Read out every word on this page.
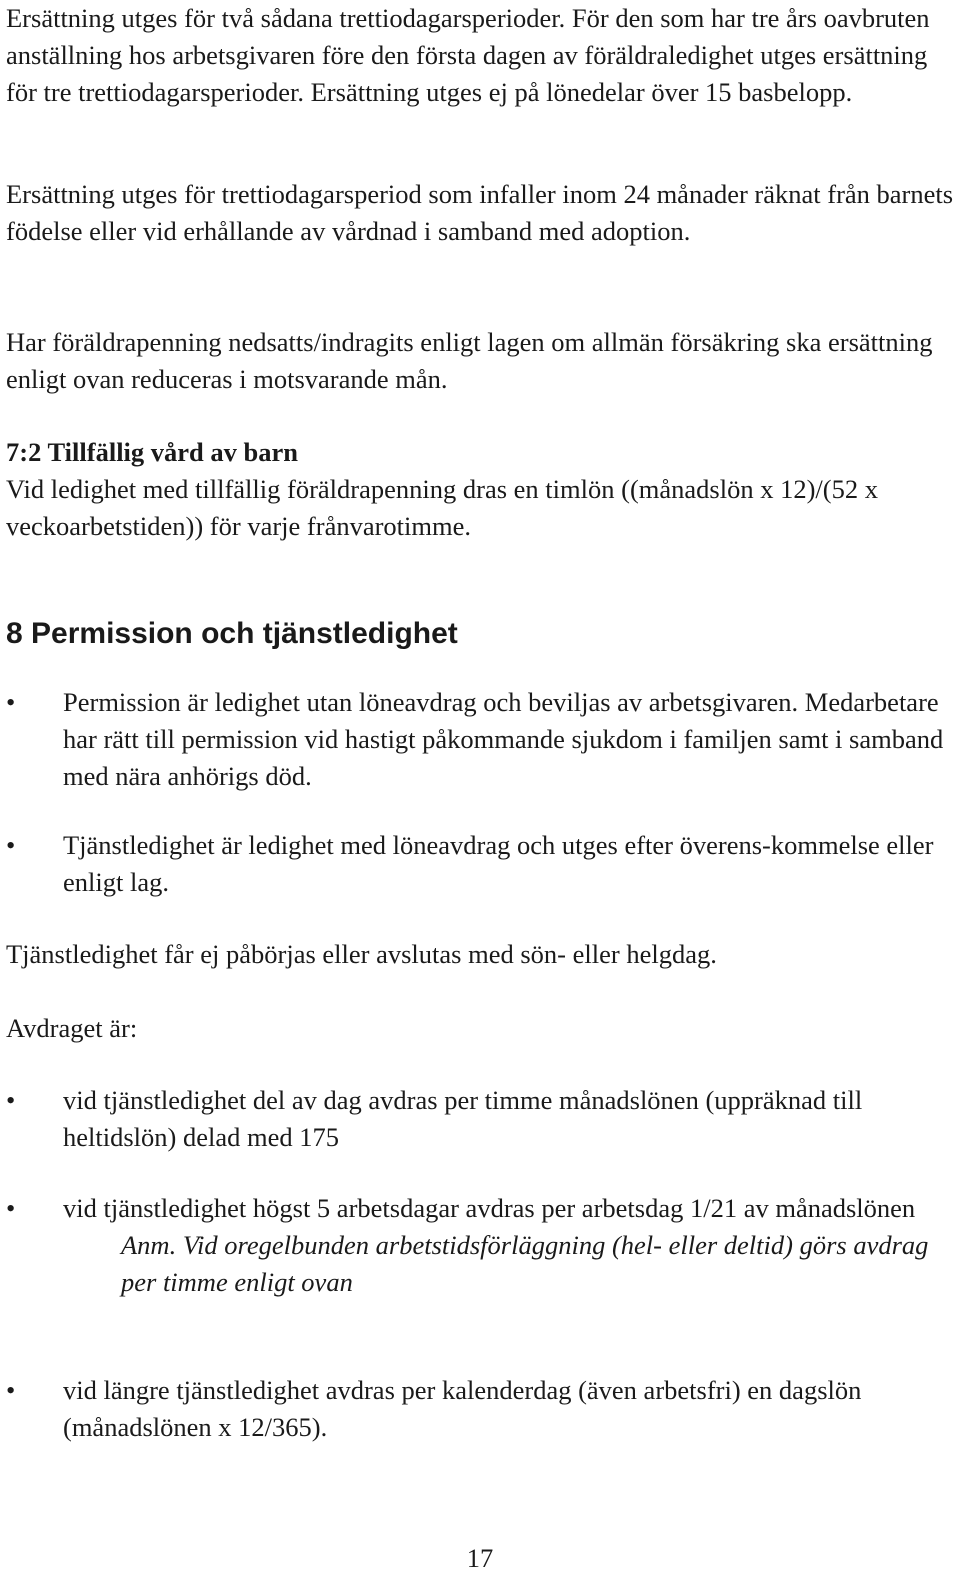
Ersättning utges för två sådana trettiodagarsperioder. För den som har tre års oavbruten anställning hos arbetsgivaren före den första dagen av föräldraledighet utges ersättning för tre trettiodagarsperioder. Ersättning utges ej på lönedelar över 15 basbelopp.

Ersättning utges för trettiodagarsperiod som infaller inom 24 månader räknat från barnets födelse eller vid erhållande av vårdnad i samband med adoption.

Har föräldrapenning nedsatts/indragits enligt lagen om allmän försäkring ska ersättning enligt ovan reduceras i motsvarande mån.

7:2 Tillfällig vård av barn

Vid ledighet med tillfällig föräldrapenning dras en timlön ((månadslön x 12)/(52 x veckoarbetstiden)) för varje frånvarotimme.

8 Permission och tjänstledighet
•	Permission är ledighet utan löneavdrag och beviljas av arbetsgivaren. Medarbetare har rätt till permission vid hastigt påkommande sjukdom i familjen samt i samband med nära anhörigs död.

•	Tjänstledighet är ledighet med löneavdrag och utges efter överens-kommelse eller enligt lag.

Tjänstledighet får ej påbörjas eller avslutas med sön- eller helgdag.

Avdraget är:

•	vid tjänstledighet del av dag avdras per timme månadslönen (uppräknad till heltidslön) delad med 175

•	vid tjänstledighet högst 5 arbetsdagar avdras per arbetsdag 1/21 av månadslönen

Anm. Vid oregelbunden arbetstidsförläggning (hel- eller deltid) görs avdrag per timme enligt ovan

•	vid längre tjänstledighet avdras per kalenderdag (även arbetsfri) en dagslön (månadslönen x 12/365).

17
